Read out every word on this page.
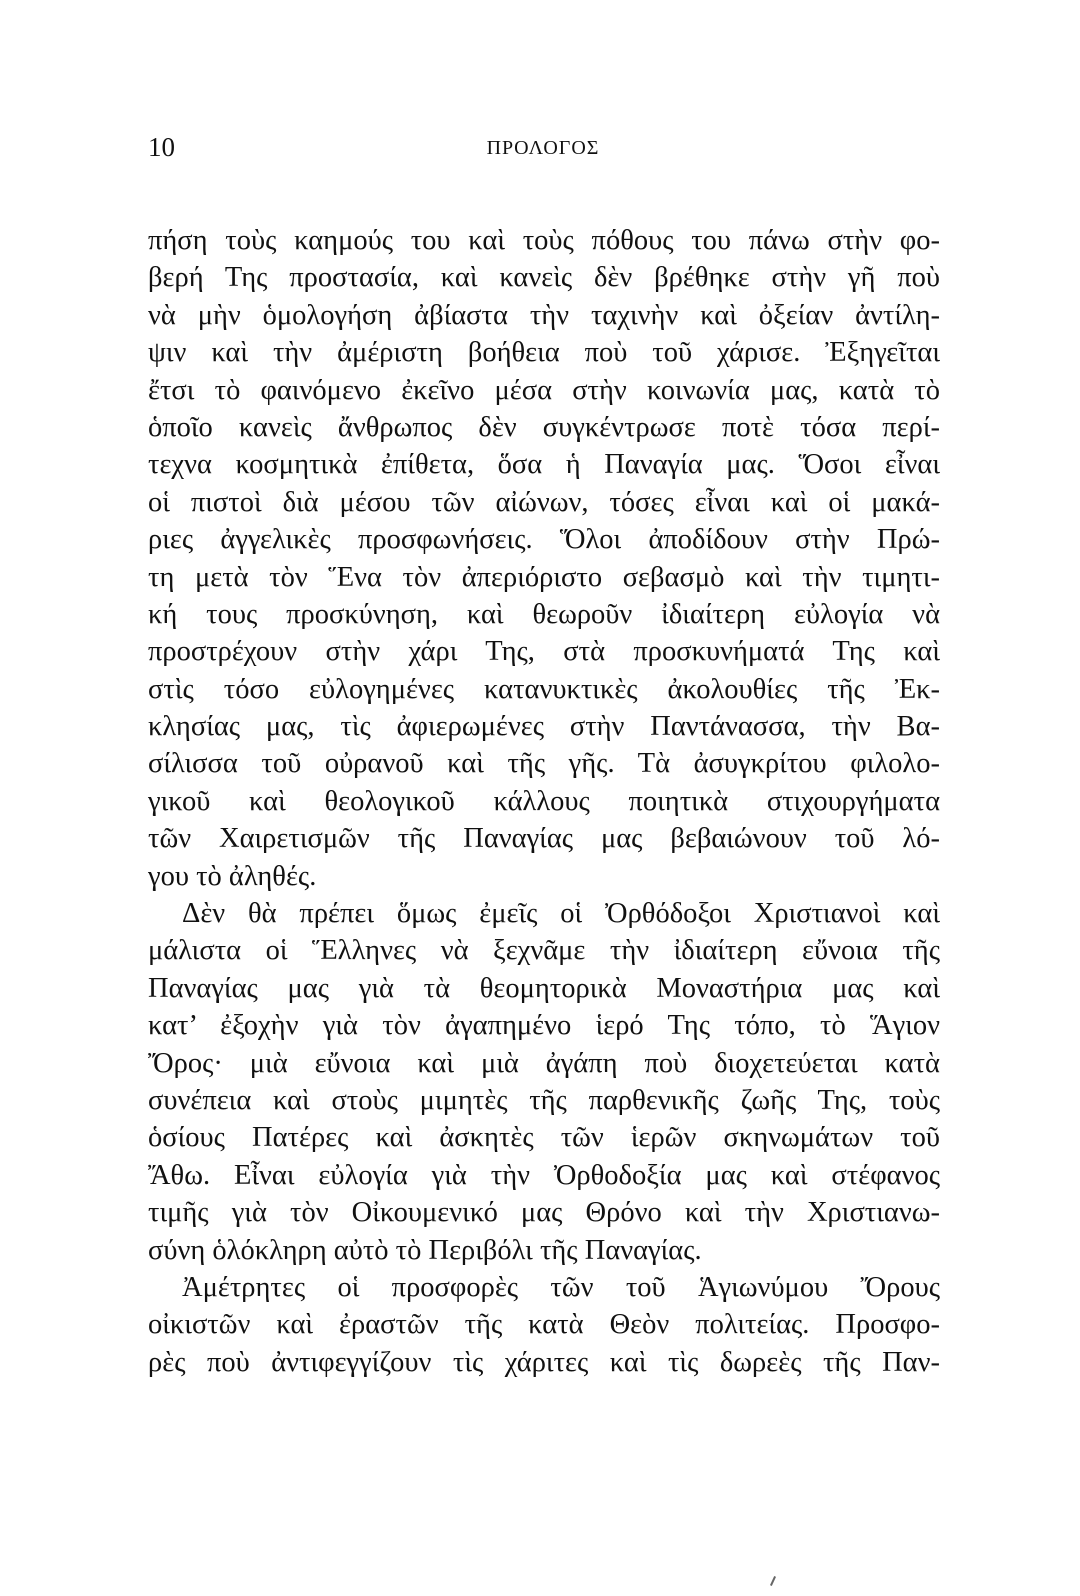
10	ΠΡΟΛΟΓΟΣ
πήση τοὺς καημούς του καὶ τοὺς πόθους του πάνω στὴν φο-
βερή Της προστασία, καὶ κανεὶς δὲν βρέθηκε στὴν γῆ ποὺ
νὰ μὴν ὁμολογήση ἀβίαστα τὴν ταχινὴν καὶ ὀξείαν ἀντίλη-
ψιν καὶ τὴν ἀμέριστη βοήθεια ποὺ τοῦ χάρισε. Ἐξηγεῖται
ἔτσι τὸ φαινόμενο ἐκεῖνο μέσα στὴν κοινωνία μας, κατὰ τὸ
ὁποῖο κανεὶς ἄνθρωπος δὲν συγκέντρωσε ποτὲ τόσα περί-
τεχνα κοσμητικὰ ἐπίθετα, ὅσα ἡ Παναγία μας. Ὅσοι εἶναι
οἱ πιστοὶ διὰ μέσου τῶν αἰώνων, τόσες εἶναι καὶ οἱ μακά-
ριες ἀγγελικὲς προσφωνήσεις. Ὅλοι ἀποδίδουν στὴν Πρώ-
τη μετὰ τὸν Ἕνα τὸν ἀπεριόριστο σεβασμὸ καὶ τὴν τιμητι-
κή τους προσκύνηση, καὶ θεωροῦν ἰδιαίτερη εὐλογία νὰ
προστρέχουν στὴν χάρι Της, στὰ προσκυνήματά Της καὶ
στὶς τόσο εὐλογημένες κατανυκτικὲς ἀκολουθίες τῆς Ἐκ-
κλησίας μας, τὶς ἀφιερωμένες στὴν Παντάνασσα, τὴν Βα-
σίλισσα τοῦ οὐρανοῦ καὶ τῆς γῆς. Τὰ ἀσυγκρίτου φιλολο-
γικοῦ καὶ θεολογικοῦ κάλλους ποιητικὰ στιχουργήματα
τῶν Χαιρετισμῶν τῆς Παναγίας μας βεβαιώνουν τοῦ λό-
γου τὸ ἀληθές.
Δὲν θὰ πρέπει ὅμως ἐμεῖς οἱ Ὀρθόδοξοι Χριστιανοὶ καὶ
μάλιστα οἱ Ἕλληνες νὰ ξεχνᾶμε τὴν ἰδιαίτερη εὔνοια τῆς
Παναγίας μας γιὰ τὰ θεομητορικὰ Μοναστήρια μας καὶ
κατ’ ἐξοχὴν γιὰ τὸν ἀγαπημένο ἱερό Της τόπο, τὸ Ἅγιον
Ὄρος· μιὰ εὔνοια καὶ μιὰ ἀγάπη ποὺ διοχετεύεται κατὰ
συνέπεια καὶ στοὺς μιμητὲς τῆς παρθενικῆς ζωῆς Της, τοὺς
ὁσίους Πατέρες καὶ ἀσκητὲς τῶν ἱερῶν σκηνωμάτων τοῦ
Ἄθω. Εἶναι εὐλογία γιὰ τὴν Ὀρθοδοξία μας καὶ στέφανος
τιμῆς γιὰ τὸν Οἰκουμενικό μας Θρόνο καὶ τὴν Χριστιανω-
σύνη ὁλόκληρη αὐτὸ τὸ Περιβόλι τῆς Παναγίας.
Ἀμέτρητες οἱ προσφορὲς τῶν τοῦ Ἁγιωνύμου Ὄρους
οἰκιστῶν καὶ ἐραστῶν τῆς κατὰ Θεὸν πολιτείας. Προσφο-
ρὲς ποὺ ἀντιφεγγίζουν τὶς χάριτες καὶ τὶς δωρεὲς τῆς Παν-
